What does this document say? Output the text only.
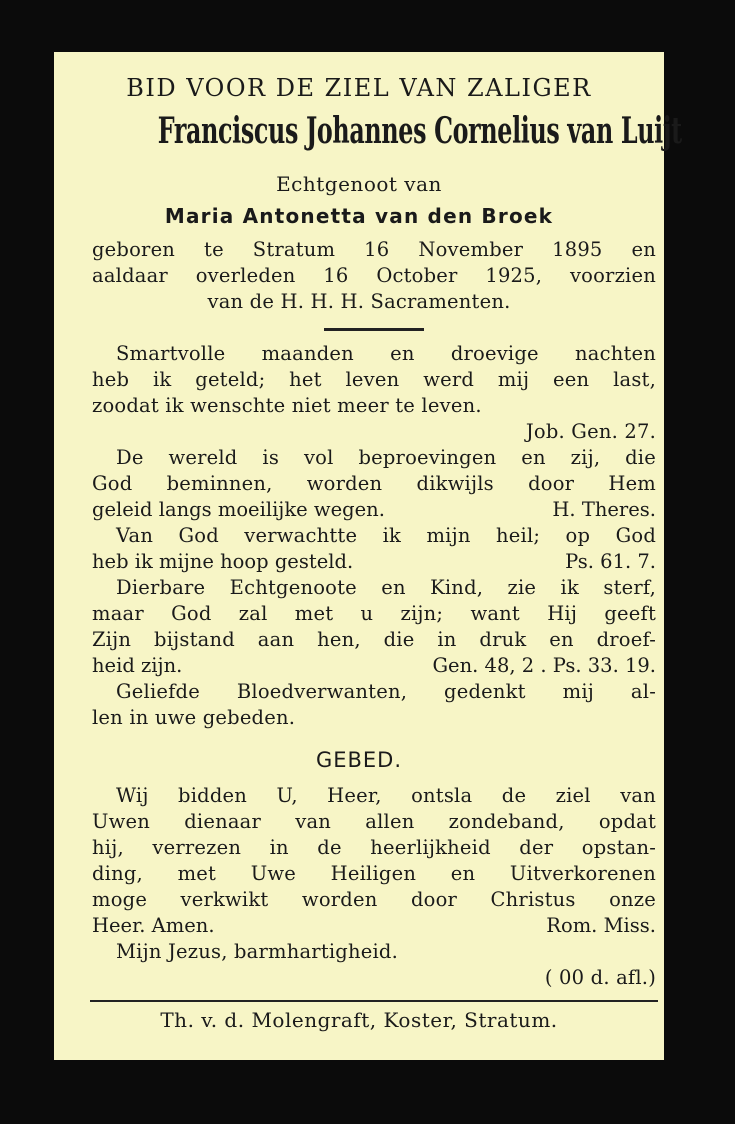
BID VOOR DE ZIEL VAN ZALIGER

Franciscus Johannes Cornelius van Luijt

Echtgenoot van

Maria Antonetta van den Broek

geboren te Stratum 16 November 1895 en

aaldaar overleden 16 October 1925, voorzien

van de H. H. H. Sacramenten.

Smartvolle maanden en droevige nachten

heb ik geteld; het leven werd mij een last,

zoodat ik wenschte niet meer te leven.

Job. Gen. 27.

De wereld is vol beproevingen en zij, die

God beminnen, worden dikwijls door Hem

geleid langs moeilijke wegen.	H. Theres.

Van God verwachtte ik mijn heil; op God

heb ik mijne hoop gesteld.	Ps. 61. 7.

Dierbare Echtgenoote en Kind, zie ik sterf,

maar God zal met u zijn; want Hij geeft

Zijn bijstand aan hen, die in druk en droef-

heid zijn.	Gen. 48, 2 . Ps. 33. 19.

Geliefde Bloedverwanten, gedenkt mij al-

len in uwe gebeden.

GEBED.

Wij bidden U, Heer, ontsla de ziel van

Uwen dienaar van allen zondeband, opdat

hij, verrezen in de heerlijkheid der opstan-

ding, met Uwe Heiligen en Uitverkorenen

moge verkwikt worden door Christus onze

Heer. Amen.	Rom. Miss.

Mijn Jezus, barmhartigheid.

( 00 d. afl.)

Th. v. d. Molengraft, Koster, Stratum.
